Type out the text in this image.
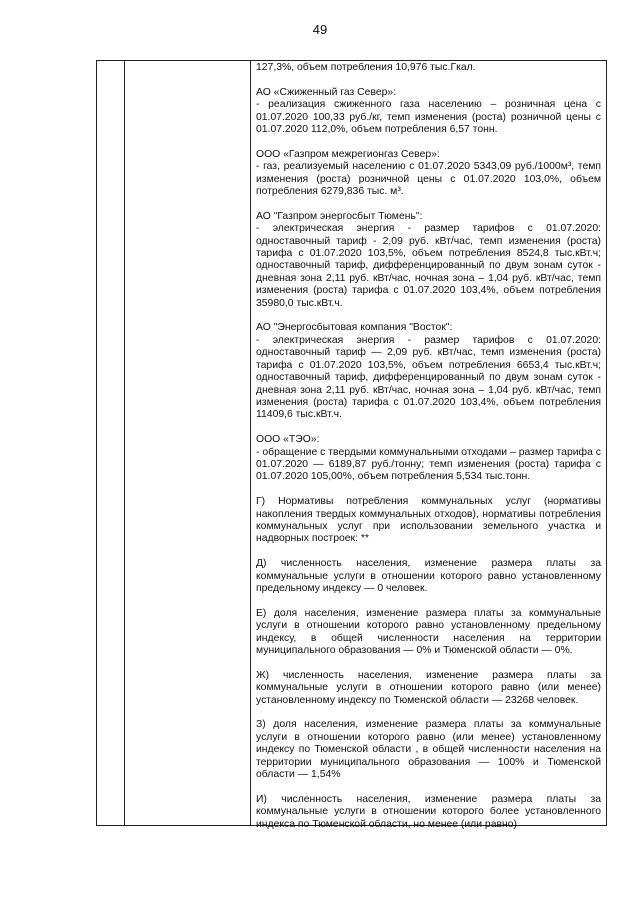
49

127,3%, объем потребления 10,976 тыс.Гкал.

АО «Сжиженный газ Север»:

- реализация сжиженного газа населению – розничная цена с 01.07.2020 100,33 руб./кг, темп изменения (роста) розничной цены с 01.07.2020 112,0%, объем потребления 6,57 тонн.

ООО «Газпром межрегионгаз Север»:

- газ, реализуемый населению с 01.07.2020 5343,09 руб./1000м³, темп изменения (роста) розничной цены с 01.07.2020 103,0%, объем потребления 6279,836 тыс. м³.

АО "Газпром энергосбыт Тюмень":

- электрическая энергия - размер тарифов с 01.07.2020: одноставочный тариф - 2,09 руб. кВт/час, темп изменения (роста) тарифа с 01.07.2020 103,5%, объем потребления 8524,8 тыс.кВт.ч; одноставочный тариф, дифференцированный по двум зонам суток - дневная зона 2,11 руб. кВт/час, ночная зона – 1,04 руб. кВт/час, темп изменения (роста) тарифа с 01.07.2020 103,4%, объем потребления 35980,0 тыс.кВт.ч.

АО "Энергосбытовая компания "Восток":

- электрическая энергия - размер тарифов с 01.07.2020: одноставочный тариф — 2,09 руб. кВт/час, темп изменения (роста) тарифа с 01.07.2020 103,5%, объем потребления 6653,4 тыс.кВт.ч; одноставочный тариф, дифференцированный по двум зонам суток - дневная зона 2,11 руб. кВт/час, ночная зона – 1,04 руб. кВт/час, темп изменения (роста) тарифа с 01.07.2020 103,4%, объем потребления 11409,6 тыс.кВт.ч.

ООО «ТЭО»:

- обращение с твердыми коммунальными отходами – размер тарифа с 01.07.2020 — 6189,87 руб./тонну; темп изменения (роста) тарифа с 01.07.2020 105,00%, объем потребления 5,534 тыс.тонн.

Г) Нормативы потребления коммунальных услуг (нормативы накопления твердых коммунальных отходов), нормативы потребления коммунальных услуг при использовании земельного участка и надворных построек: **

Д) численность населения, изменение размера платы за коммунальные услуги в отношении которого равно установленному предельному индексу — 0 человек.

Е) доля населения, изменение размера платы за коммунальные услуги в отношении которого равно установленному предельному индексу, в общей численности населения на территории муниципального образования — 0% и Тюменской области — 0%.

Ж) численность населения, изменение размера платы за коммунальные услуги в отношении которого равно (или менее) установленному индексу по Тюменской области — 23268 человек.

З) доля населения, изменение размера платы за коммунальные услуги в отношении которого равно (или менее) установленному индексу по Тюменской области , в общей численности населения на территории муниципального образования — 100% и Тюменской области — 1,54%

И) численность населения, изменение размера платы за коммунальные услуги в отношении которого более установленного индекса по Тюменской области, но менее (или равно)
